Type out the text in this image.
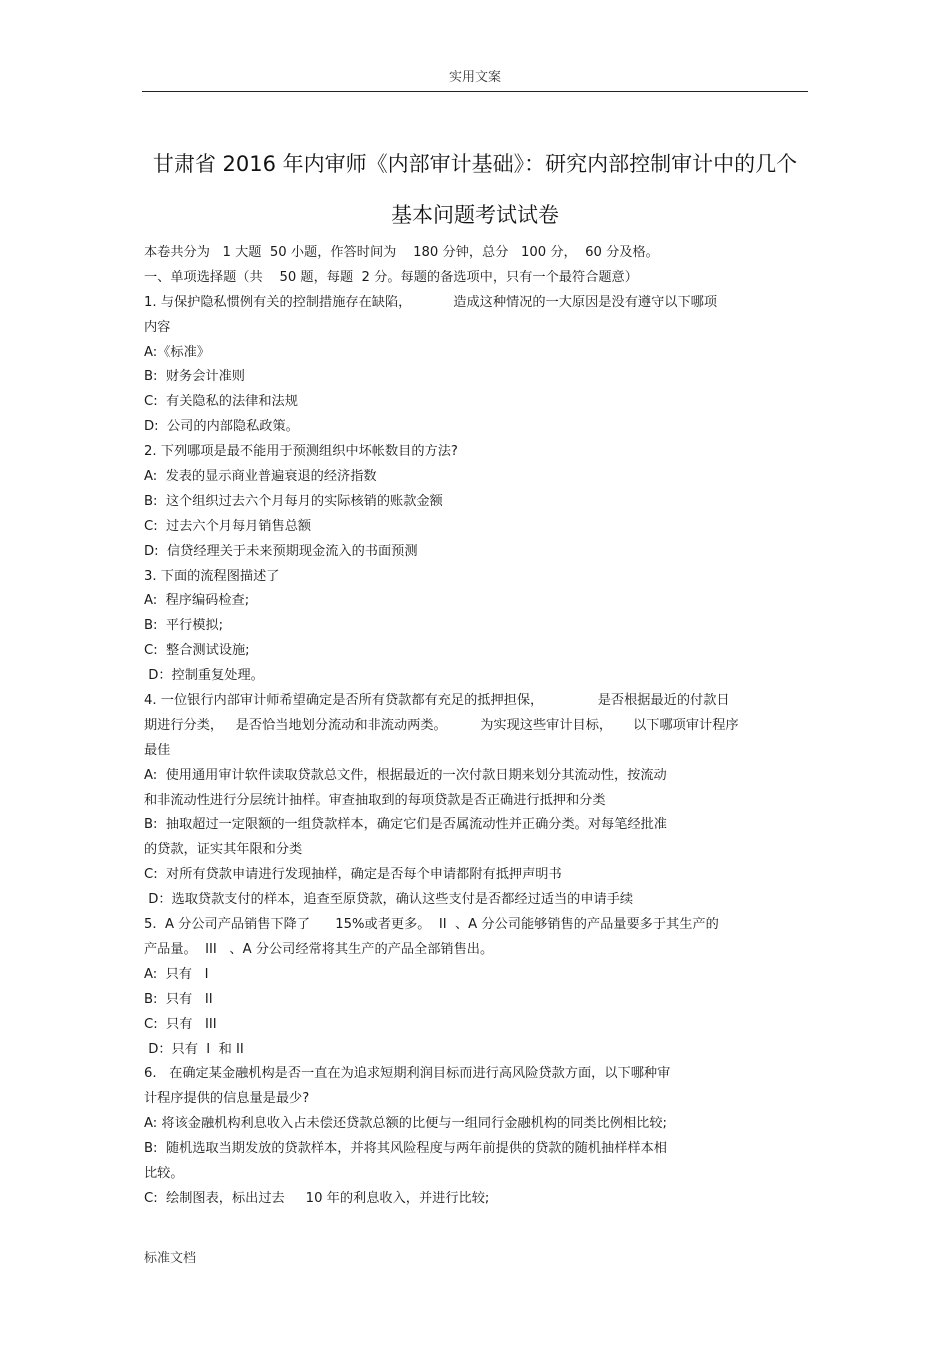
实用文案
甘肃省 2016 年内审师《内部审计基础》：研究内部控制审计中的几个
基本问题考试试卷
本卷共分为   1 大题  50 小题，作答时间为    180 分钟，总分   100 分，  60 分及格。
一、单项选择题（共    50 题，每题  2 分。每题的备选项中，只有一个最符合题意）
1. 与保护隐私惯例有关的控制措施存在缺陷，          造成这种情况的一大原因是没有遵守以下哪项
内容
A:《标准》
B:  财务会计准则
C:  有关隐私的法律和法规
D:  公司的内部隐私政策。
2. 下列哪项是最不能用于预测组织中坏帐数目的方法?
A:  发表的显示商业普遍衰退的经济指数
B:  这个组织过去六个月每月的实际核销的账款金额
C:  过去六个月每月销售总额
D:  信贷经理关于未来预期现金流入的书面预测
3. 下面的流程图描述了
A:  程序编码检查;
B:  平行模拟;
C:  整合测试设施;
D：控制重复处理。
4. 一位银行内部审计师希望确定是否所有贷款都有充足的抵押担保，             是否根据最近的付款日
期进行分类，   是否恰当地划分流动和非流动两类。        为实现这些审计目标，     以下哪项审计程序
最佳
A:  使用通用审计软件读取贷款总文件，根据最近的一次付款日期来划分其流动性，按流动
和非流动性进行分层统计抽样。审查抽取到的每项贷款是否正确进行抵押和分类
B:  抽取超过一定限额的一组贷款样本，确定它们是否属流动性并正确分类。对每笔经批准
的贷款，证实其年限和分类
C:  对所有贷款申请进行发现抽样，确定是否每个申请都附有抵押声明书
D：选取贷款支付的样本，追查至原贷款，确认这些支付是否都经过适当的申请手续
5.  A 分公司产品销售下降了      15%或者更多。  II  、A 分公司能够销售的产品量要多于其生产的
产品量。  III   、A 分公司经常将其生产的产品全部销售出。
A:  只有   I
B:  只有   II
C:  只有   III
D：只有  I  和 II
6.   在确定某金融机构是否一直在为追求短期利润目标而进行高风险贷款方面，以下哪种审
计程序提供的信息量是最少?
A: 将该金融机构利息收入占未偿还贷款总额的比便与一组同行金融机构的同类比例相比较;
B:  随机选取当期发放的贷款样本，并将其风险程度与两年前提供的贷款的随机抽样样本相
比较。
C:  绘制图表，标出过去     10 年的利息收入，并进行比较;
标准文档
